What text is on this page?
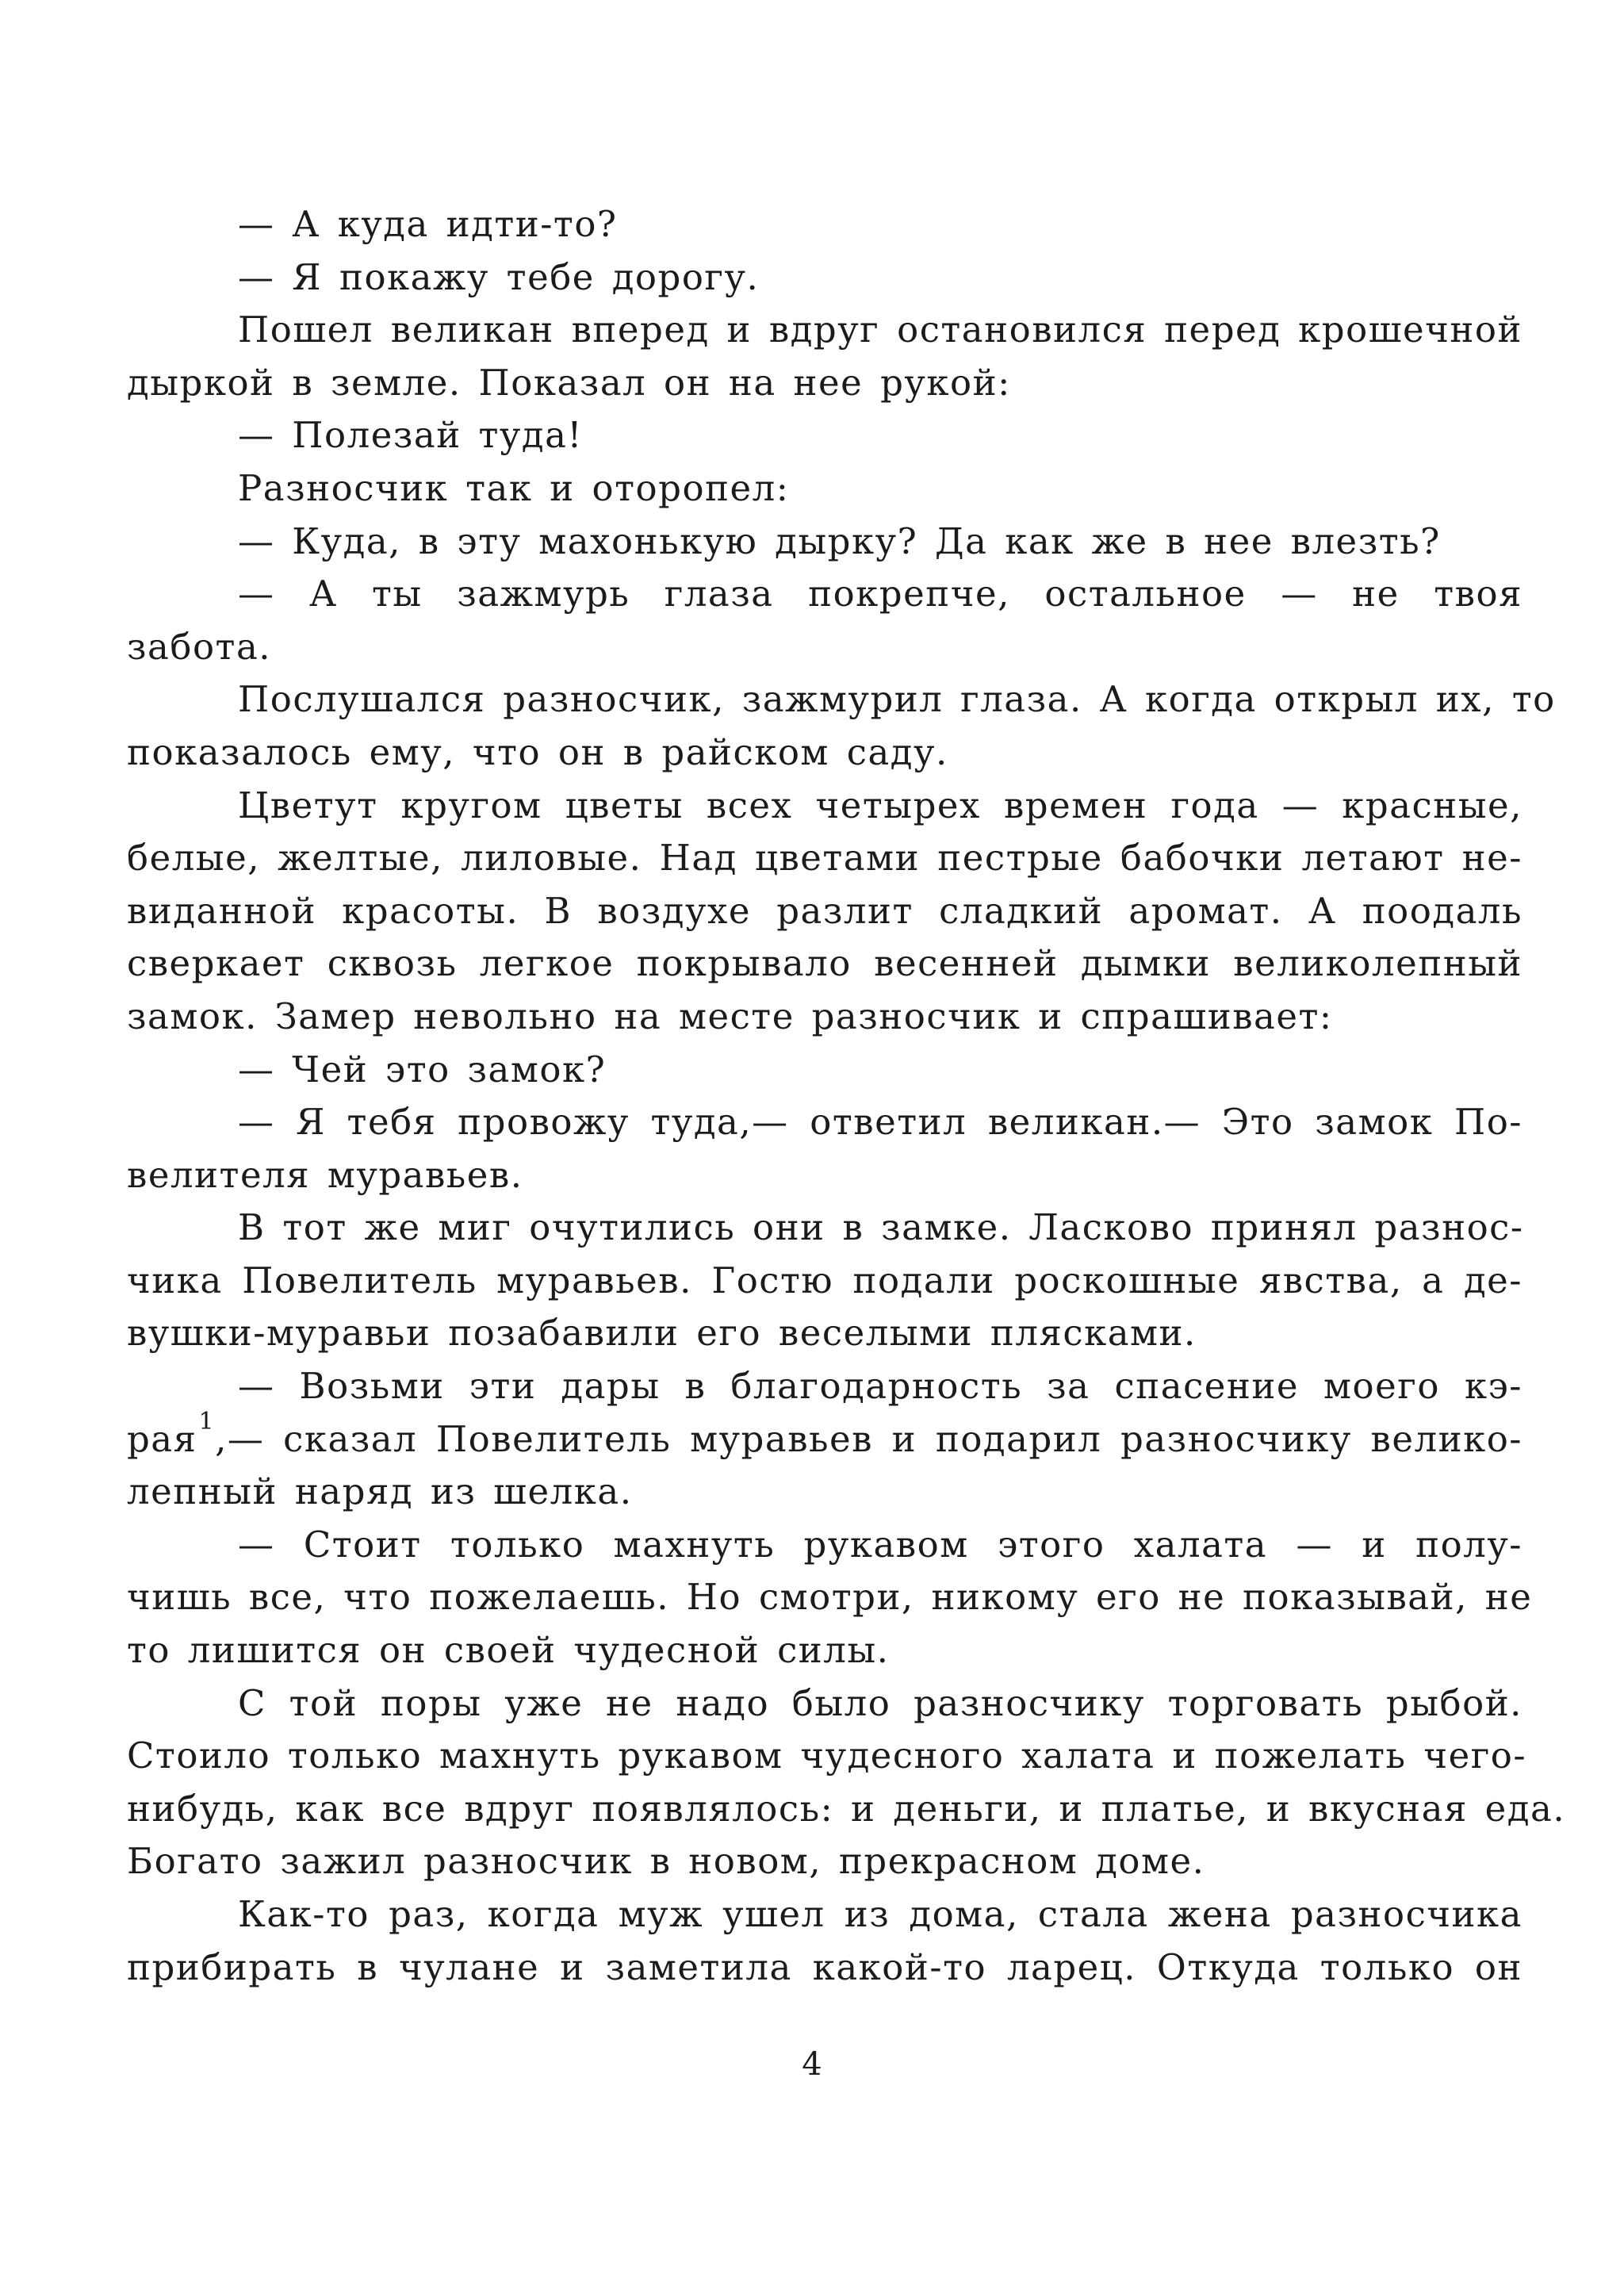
— А куда идти-то?
— Я покажу тебе дорогу.
Пошел великан вперед и вдруг остановился перед крошечной
дыркой в земле. Показал он на нее рукой:
— Полезай туда!
Разносчик так и оторопел:
— Куда, в эту махонькую дырку? Да как же в нее влезть?
— А ты зажмурь глаза покрепче, остальное — не твоя
забота.
Послушался разносчик, зажмурил глаза. А когда открыл их, то
показалось ему, что он в райском саду.
Цветут кругом цветы всех четырех времен года — красные,
белые, желтые, лиловые. Над цветами пестрые бабочки летают не-
виданной красоты. В воздухе разлит сладкий аромат. А поодаль
сверкает сквозь легкое покрывало весенней дымки великолепный
замок. Замер невольно на месте разносчик и спрашивает:
— Чей это замок?
— Я тебя провожу туда,— ответил великан.— Это замок По-
велителя муравьев.
В тот же миг очутились они в замке. Ласково принял разнос-
чика Повелитель муравьев. Гостю подали роскошные явства, а де-
вушки-муравьи позабавили его веселыми плясками.
— Возьми эти дары в благодарность за спасение моего кэ-
рая$^1$,— сказал Повелитель муравьев и подарил разносчику велико-
лепный наряд из шелка.
— Стоит только махнуть рукавом этого халата — и полу-
чишь все, что пожелаешь. Но смотри, никому его не показывай, не
то лишится он своей чудесной силы.
С той поры уже не надо было разносчику торговать рыбой.
Стоило только махнуть рукавом чудесного халата и пожелать чего-
нибудь, как все вдруг появлялось: и деньги, и платье, и вкусная еда.
Богато зажил разносчик в новом, прекрасном доме.
Как-то раз, когда муж ушел из дома, стала жена разносчика
прибирать в чулане и заметила какой-то ларец. Откуда только он
4
